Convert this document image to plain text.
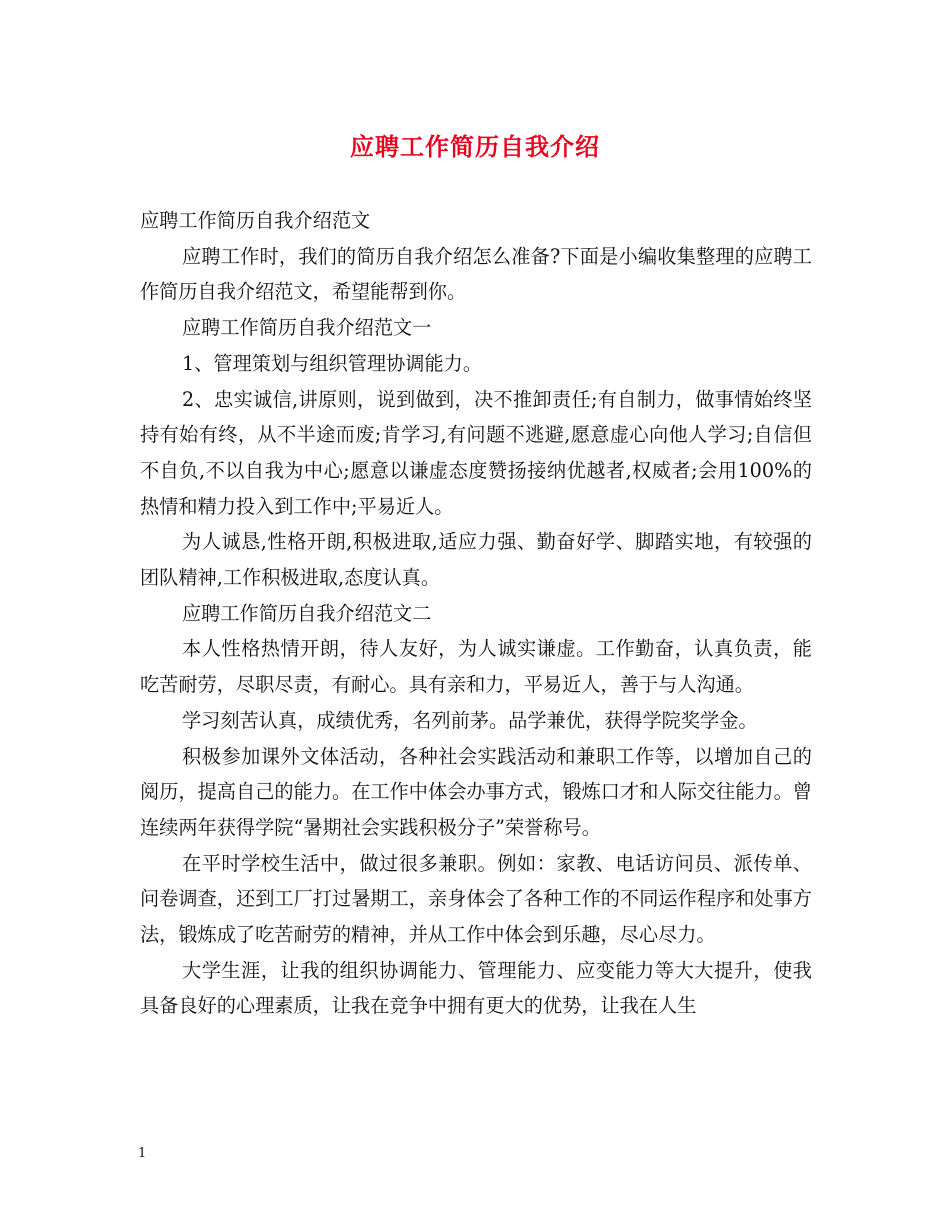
应聘工作简历自我介绍

应聘工作简历自我介绍范文

应聘工作时，我们的简历自我介绍怎么准备?下面是小编收集整理的应聘工作简历自我介绍范文，希望能帮到你。

应聘工作简历自我介绍范文一

1、管理策划与组织管理协调能力。

2、忠实诚信,讲原则，说到做到，决不推卸责任;有自制力，做事情始终坚持有始有终，从不半途而废;肯学习,有问题不逃避,愿意虚心向他人学习;自信但不自负,不以自我为中心;愿意以谦虚态度赞扬接纳优越者,权威者;会用100%的热情和精力投入到工作中;平易近人。

为人诚恳,性格开朗,积极进取,适应力强、勤奋好学、脚踏实地，有较强的团队精神,工作积极进取,态度认真。

应聘工作简历自我介绍范文二

本人性格热情开朗，待人友好，为人诚实谦虚。工作勤奋，认真负责，能吃苦耐劳，尽职尽责，有耐心。具有亲和力，平易近人，善于与人沟通。

学习刻苦认真，成绩优秀，名列前茅。品学兼优，获得学院奖学金。

积极参加课外文体活动，各种社会实践活动和兼职工作等，以增加自己的阅历，提高自己的能力。在工作中体会办事方式，锻炼口才和人际交往能力。曾连续两年获得学院“暑期社会实践积极分子”荣誉称号。

在平时学校生活中，做过很多兼职。例如：家教、电话访问员、派传单、问卷调查，还到工厂打过暑期工，亲身体会了各种工作的不同运作程序和处事方法，锻炼成了吃苦耐劳的精神，并从工作中体会到乐趣，尽心尽力。

大学生涯，让我的组织协调能力、管理能力、应变能力等大大提升，使我具备良好的心理素质，让我在竞争中拥有更大的优势，让我在人生

1
